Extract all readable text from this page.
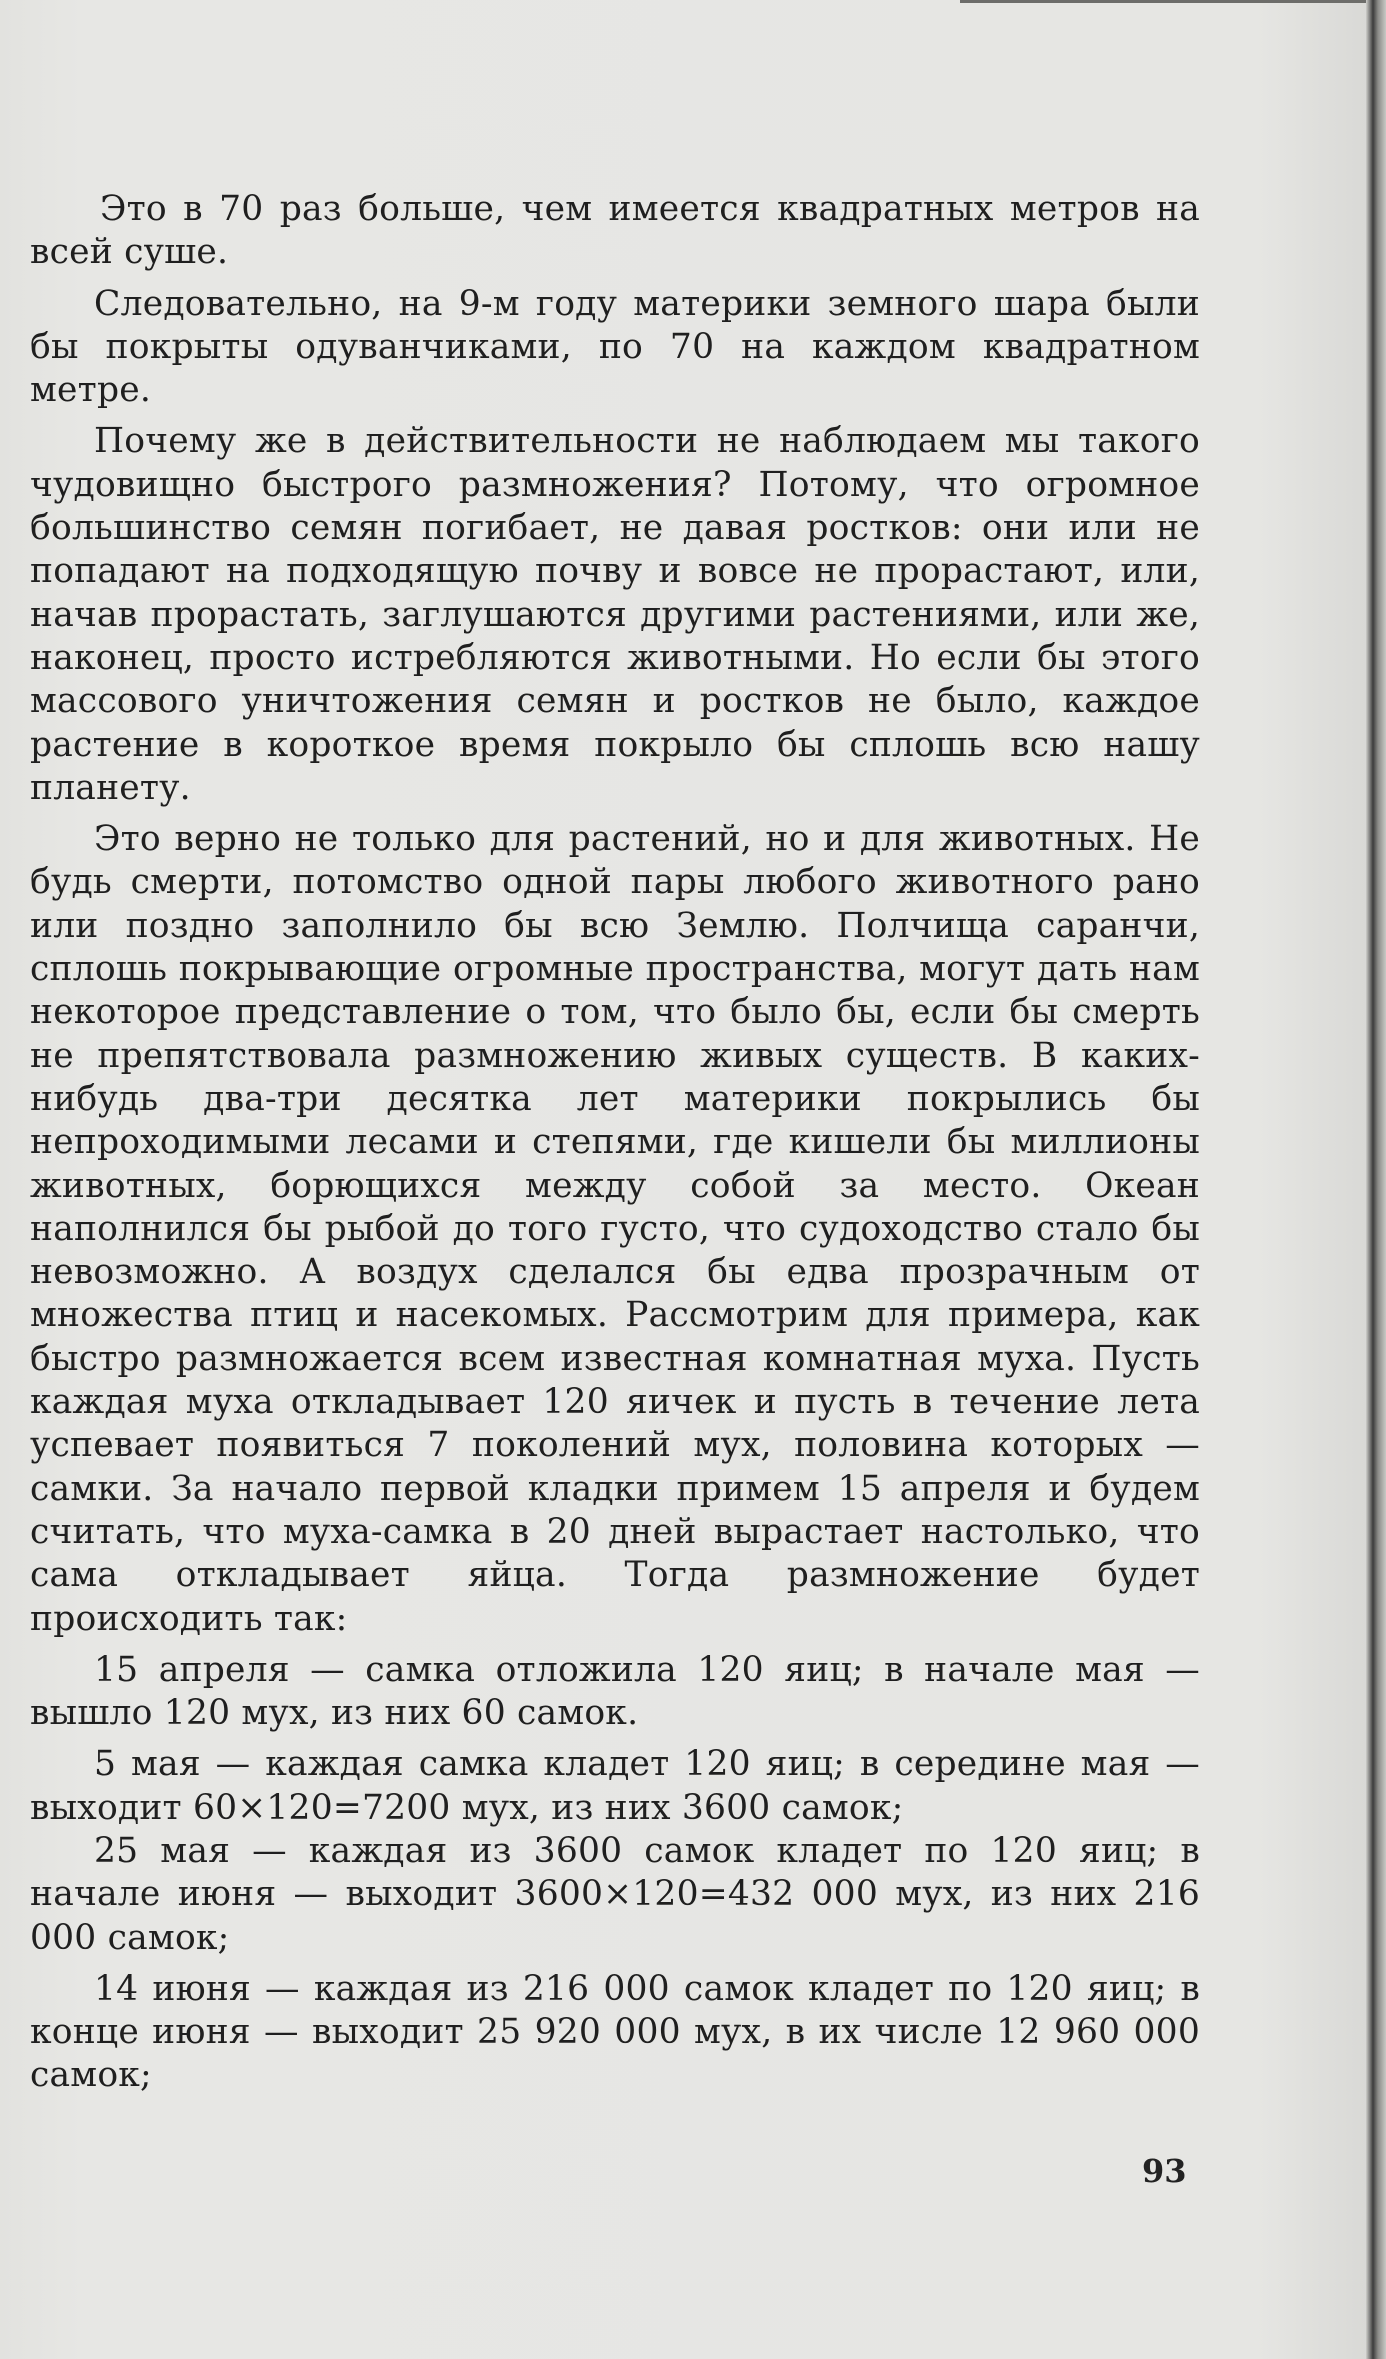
Это в 70 раз больше, чем имеется квадратных метров на всей суше.

Следовательно, на 9-м году материки земного шара были бы покрыты одуванчиками, по 70 на каждом квадратном метре.

Почему же в действительности не наблюдаем мы такого чудовищно быстрого размножения? Потому, что огромное большинство семян погибает, не давая ростков: они или не попадают на подходящую почву и вовсе не прорастают, или, начав прорастать, заглушаются другими растениями, или же, наконец, просто истребляются животными. Но если бы этого массового уничтожения семян и ростков не было, каждое растение в короткое время покрыло бы сплошь всю нашу планету.

Это верно не только для растений, но и для животных. Не будь смерти, потомство одной пары любого животного рано или поздно заполнило бы всю Землю. Полчища саранчи, сплошь покрывающие огромные пространства, могут дать нам некоторое представление о том, что было бы, если бы смерть не препятствовала размножению живых существ. В каких-нибудь два-три десятка лет материки покрылись бы непроходимыми лесами и степями, где кишели бы миллионы животных, борющихся между собой за место. Океан наполнился бы рыбой до того густо, что судоходство стало бы невозможно. А воздух сделался бы едва прозрачным от множества птиц и насекомых. Рассмотрим для примера, как быстро размножается всем известная комнатная муха. Пусть каждая муха откладывает 120 яичек и пусть в течение лета успевает появиться 7 поколений мух, половина которых — самки. За начало первой кладки примем 15 апреля и будем считать, что муха-самка в 20 дней вырастает настолько, что сама откладывает яйца. Тогда размножение будет происходить так:

15 апреля — самка отложила 120 яиц; в начале мая — вышло 120 мух, из них 60 самок.

5 мая — каждая самка кладет 120 яиц; в середине мая — выходит 60×120=7200 мух, из них 3600 самок;

25 мая — каждая из 3600 самок кладет по 120 яиц; в начале июня — выходит 3600×120=432 000 мух, из них 216 000 самок;

14 июня — каждая из 216 000 самок кладет по 120 яиц; в конце июня — выходит 25 920 000 мух, в их числе 12 960 000 самок;

93
